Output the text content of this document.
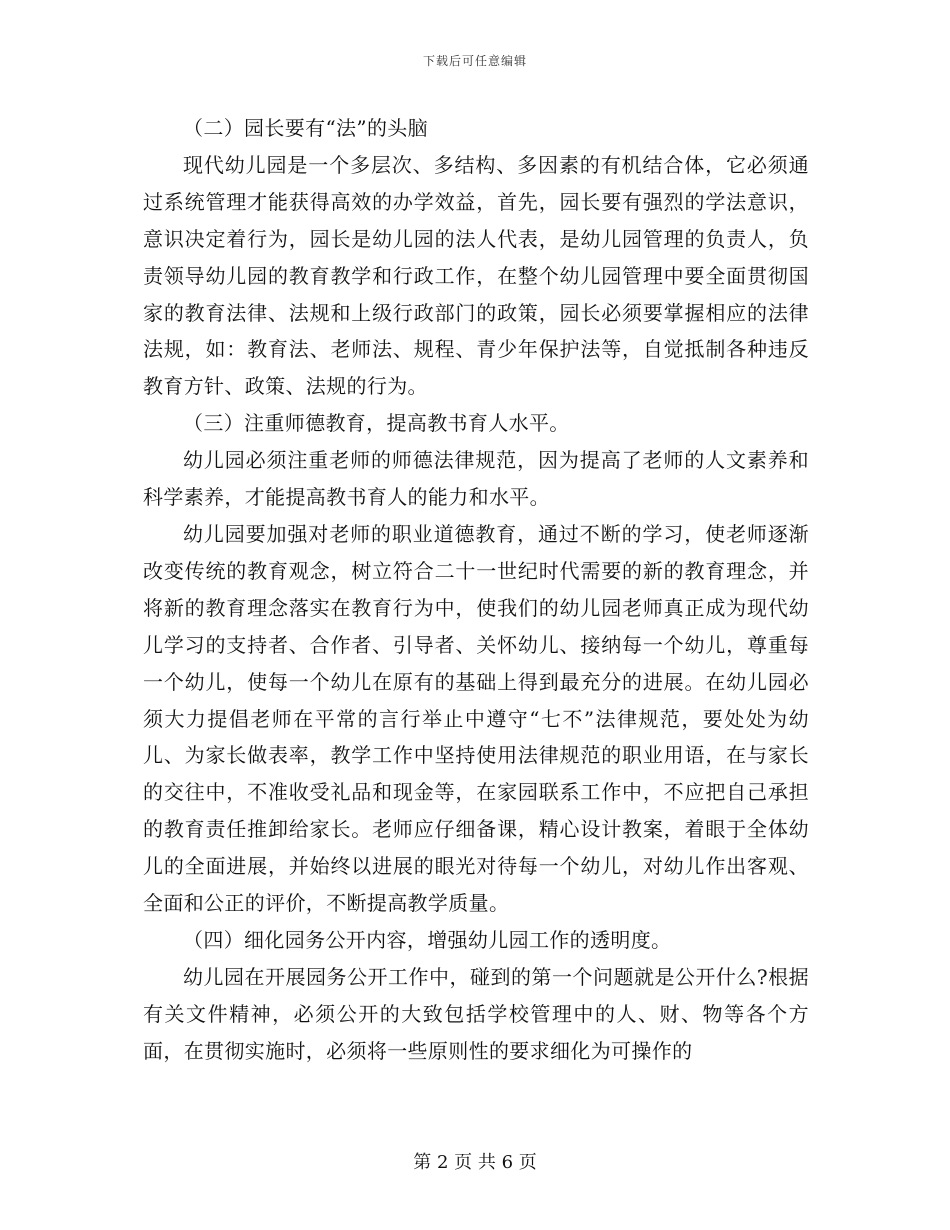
下载后可任意编辑

（二）园长要有“法”的头脑

现代幼儿园是一个多层次、多结构、多因素的有机结合体，它必须通过系统管理才能获得高效的办学效益，首先，园长要有强烈的学法意识，意识决定着行为，园长是幼儿园的法人代表，是幼儿园管理的负责人，负责领导幼儿园的教育教学和行政工作，在整个幼儿园管理中要全面贯彻国家的教育法律、法规和上级行政部门的政策，园长必须要掌握相应的法律法规，如：教育法、老师法、规程、青少年保护法等，自觉抵制各种违反教育方针、政策、法规的行为。

（三）注重师德教育，提高教书育人水平。

幼儿园必须注重老师的师德法律规范，因为提高了老师的人文素养和科学素养，才能提高教书育人的能力和水平。

幼儿园要加强对老师的职业道德教育，通过不断的学习，使老师逐渐改变传统的教育观念，树立符合二十一世纪时代需要的新的教育理念，并将新的教育理念落实在教育行为中，使我们的幼儿园老师真正成为现代幼儿学习的支持者、合作者、引导者、关怀幼儿、接纳每一个幼儿，尊重每一个幼儿，使每一个幼儿在原有的基础上得到最充分的进展。在幼儿园必须大力提倡老师在平常的言行举止中遵守“七不”法律规范，要处处为幼儿、为家长做表率，教学工作中坚持使用法律规范的职业用语，在与家长的交往中，不准收受礼品和现金等，在家园联系工作中，不应把自己承担的教育责任推卸给家长。老师应仔细备课，精心设计教案，着眼于全体幼儿的全面进展，并始终以进展的眼光对待每一个幼儿，对幼儿作出客观、全面和公正的评价，不断提高教学质量。

（四）细化园务公开内容，增强幼儿园工作的透明度。

幼儿园在开展园务公开工作中，碰到的第一个问题就是公开什么?根据有关文件精神，必须公开的大致包括学校管理中的人、财、物等各个方面，在贯彻实施时，必须将一些原则性的要求细化为可操作的

第 2 页 共 6 页
